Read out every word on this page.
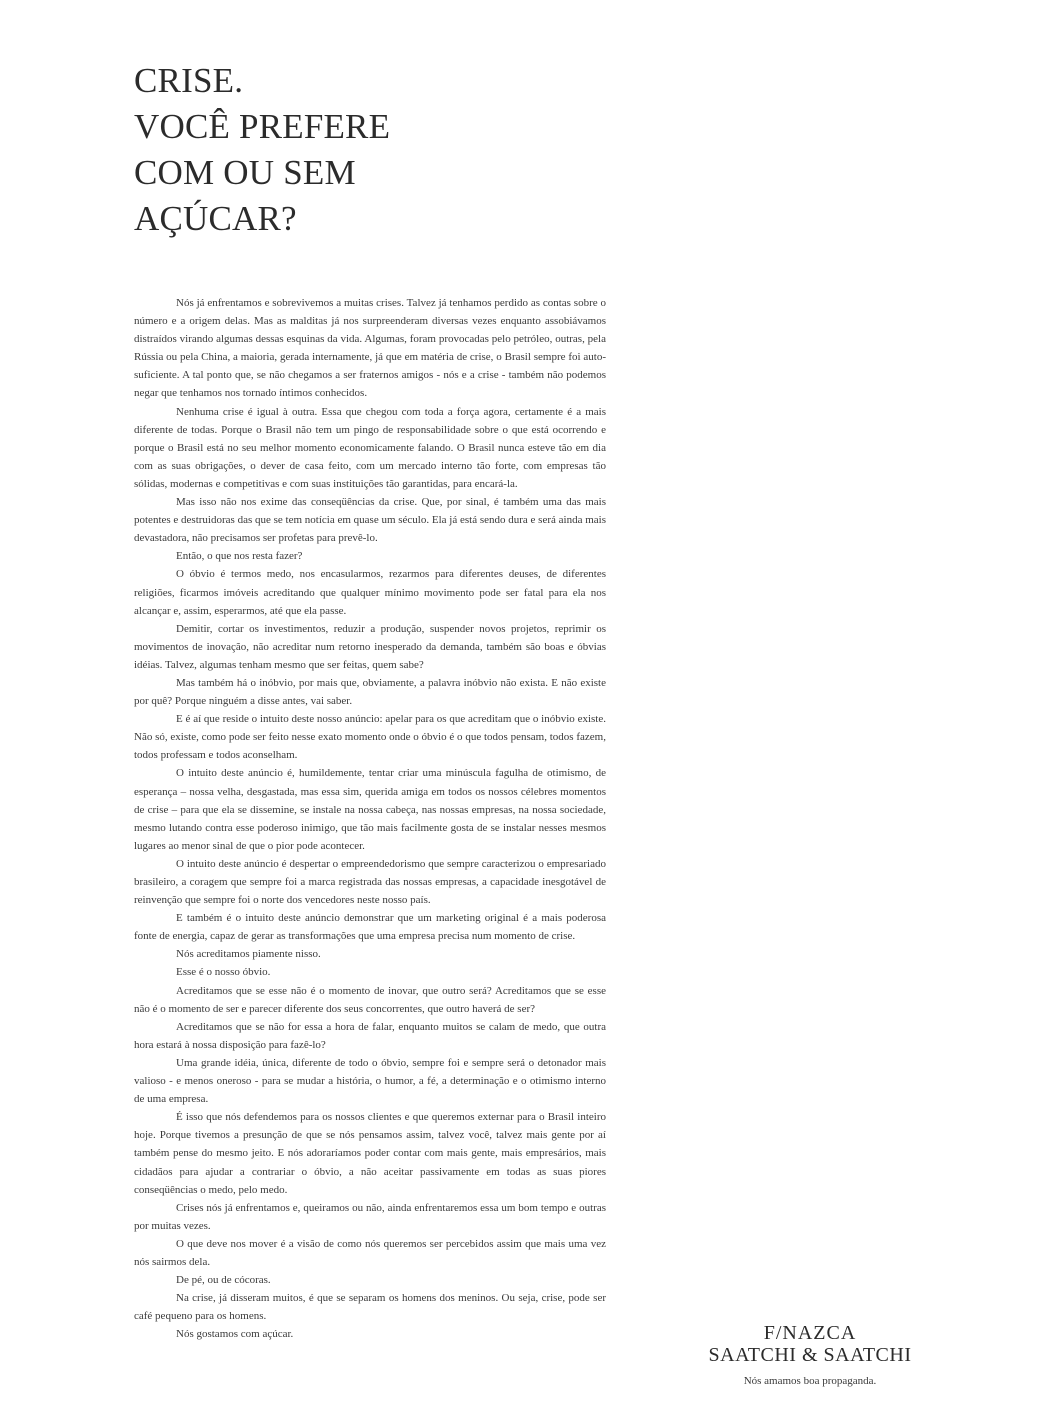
CRISE.
VOCÊ PREFERE
COM OU SEM
AÇÚCAR?

Nós já enfrentamos e sobrevivemos a muitas crises. Talvez já tenhamos perdido as contas sobre o número e a origem delas. Mas as malditas já nos surpreenderam diversas vezes enquanto assobiávamos distraídos virando algumas dessas esquinas da vida. Algumas, foram provocadas pelo petróleo, outras, pela Rússia ou pela China, a maioria, gerada internamente, já que em matéria de crise, o Brasil sempre foi auto-suficiente. A tal ponto que, se não chegamos a ser fraternos amigos - nós e a crise - também não podemos negar que tenhamos nos tornado íntimos conhecidos.

Nenhuma crise é igual à outra. Essa que chegou com toda a força agora, certamente é a mais diferente de todas. Porque o Brasil não tem um pingo de responsabilidade sobre o que está ocorrendo e porque o Brasil está no seu melhor momento economicamente falando. O Brasil nunca esteve tão em dia com as suas obrigações, o dever de casa feito, com um mercado interno tão forte, com empresas tão sólidas, modernas e competitivas e com suas instituições tão garantidas, para encará-la.

Mas isso não nos exime das conseqüências da crise. Que, por sinal, é também uma das mais potentes e destruidoras das que se tem notícia em quase um século. Ela já está sendo dura e será ainda mais devastadora, não precisamos ser profetas para prevê-lo.

Então, o que nos resta fazer?

O óbvio é termos medo, nos encasularmos, rezarmos para diferentes deuses, de diferentes religiões, ficarmos imóveis acreditando que qualquer mínimo movimento pode ser fatal para ela nos alcançar e, assim, esperarmos, até que ela passe.

Demitir, cortar os investimentos, reduzir a produção, suspender novos projetos, reprimir os movimentos de inovação, não acreditar num retorno inesperado da demanda, também são boas e óbvias idéias. Talvez, algumas tenham mesmo que ser feitas, quem sabe?

Mas também há o inóbvio, por mais que, obviamente, a palavra inóbvio não exista. E não existe por quê? Porque ninguém a disse antes, vai saber.

E é aí que reside o intuito deste nosso anúncio: apelar para os que acreditam que o inóbvio existe. Não só, existe, como pode ser feito nesse exato momento onde o óbvio é o que todos pensam, todos fazem, todos professam e todos aconselham.

O intuito deste anúncio é, humildemente, tentar criar uma minúscula fagulha de otimismo, de esperança – nossa velha, desgastada, mas essa sim, querida amiga em todos os nossos célebres momentos de crise – para que ela se dissemine, se instale na nossa cabeça, nas nossas empresas, na nossa sociedade, mesmo lutando contra esse poderoso inimigo, que tão mais facilmente gosta de se instalar nesses mesmos lugares ao menor sinal de que o pior pode acontecer.

O intuito deste anúncio é despertar o empreendedorismo que sempre caracterizou o empresariado brasileiro, a coragem que sempre foi a marca registrada das nossas empresas, a capacidade inesgotável de reinvenção que sempre foi o norte dos vencedores neste nosso país.

E também é o intuito deste anúncio demonstrar que um marketing original é a mais poderosa fonte de energia, capaz de gerar as transformações que uma empresa precisa num momento de crise.

Nós acreditamos piamente nisso.

Esse é o nosso óbvio.

Acreditamos que se esse não é o momento de inovar, que outro será? Acreditamos que se esse não é o momento de ser e parecer diferente dos seus concorrentes, que outro haverá de ser?

Acreditamos que se não for essa a hora de falar, enquanto muitos se calam de medo, que outra hora estará à nossa disposição para fazê-lo?

Uma grande idéia, única, diferente de todo o óbvio, sempre foi e sempre será o detonador mais valioso - e menos oneroso - para se mudar a história, o humor, a fé, a determinação e o otimismo interno de uma empresa.

É isso que nós defendemos para os nossos clientes e que queremos externar para o Brasil inteiro hoje. Porque tivemos a presunção de que se nós pensamos assim, talvez você, talvez mais gente por aí também pense do mesmo jeito. E nós adoraríamos poder contar com mais gente, mais empresários, mais cidadãos para ajudar a contrariar o óbvio, a não aceitar passivamente em todas as suas piores conseqüências o medo, pelo medo.

Crises nós já enfrentamos e, queiramos ou não, ainda enfrentaremos essa um bom tempo e outras por muitas vezes.

O que deve nos mover é a visão de como nós queremos ser percebidos assim que mais uma vez nós sairmos dela.

De pé, ou de cócoras.

Na crise, já disseram muitos, é que se separam os homens dos meninos. Ou seja, crise, pode ser café pequeno para os homens.

Nós gostamos com açúcar.	F/NAZCA
SAATCHI & SAATCHI
Nós amamos boa propaganda.
